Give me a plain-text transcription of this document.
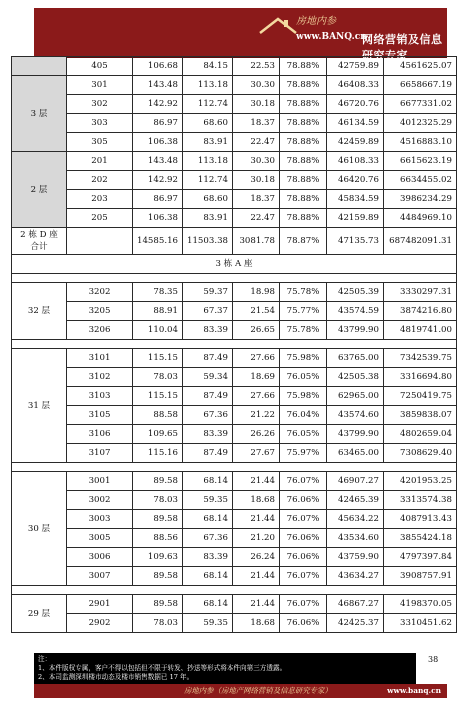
房地内参
www.BANQ.cn
网络营销及信息研究专家
	405	106.68	84.15	22.53	78.88%	42759.89	4561625.07
3 层	301	143.48	113.18	30.30	78.88%	46408.33	6658667.19
	302	142.92	112.74	30.18	78.88%	46720.76	6677331.02
	303	86.97	68.60	18.37	78.88%	46134.59	4012325.29
	305	106.38	83.91	22.47	78.88%	42459.89	4516883.10
2 层	201	143.48	113.18	30.30	78.88%	46108.33	6615623.19
	202	142.92	112.74	30.18	78.88%	46420.76	6634455.02
	203	86.97	68.60	18.37	78.88%	45834.59	3986234.29
	205	106.38	83.91	22.47	78.88%	42159.89	4484969.10

2 栋 D 座
合计		14585.16	11503.38	3081.78	78.87%	47135.73	687482091.31
3 栋 A 座							

32 层	3202	78.35	59.37	18.98	75.78%	42505.39	3330297.31
	3205	88.91	67.37	21.54	75.77%	43574.59	3874216.80
	3206	110.04	83.39	26.65	75.78%	43799.90	4819741.00

31 层	3101	115.15	87.49	27.66	75.98%	63765.00	7342539.75
	3102	78.03	59.34	18.69	76.05%	42505.38	3316694.80
	3103	115.15	87.49	27.66	75.98%	62965.00	7250419.75
	3105	88.58	67.36	21.22	76.04%	43574.60	3859838.07
	3106	109.65	83.39	26.26	76.05%	43799.90	4802659.04
	3107	115.16	87.49	27.67	75.97%	63465.00	7308629.40

30 层	3001	89.58	68.14	21.44	76.07%	46907.27	4201953.25
	3002	78.03	59.35	18.68	76.06%	42465.39	3313574.38
	3003	89.58	68.14	21.44	76.07%	45634.22	4087913.43
	3005	88.56	67.36	21.20	76.06%	43534.60	3855424.18
	3006	109.63	83.39	26.24	76.06%	43759.90	4797397.84
	3007	89.58	68.14	21.44	76.07%	43634.27	3908757.91

29 层	2901	89.58	68.14	21.44	76.07%	46867.27	4198370.05
	2902	78.03	59.35	18.68	76.06%	42425.37	3310451.62
注：
1、本件版权专属，客户不得以包括但不限于转发、抄送等形式将本件向第三方透露。
2、本司监测深圳楼市动态及楼市销售数据已 17 年。
38
房地内参（房地产网络营销及信息研究专家）	www.banq.cn
